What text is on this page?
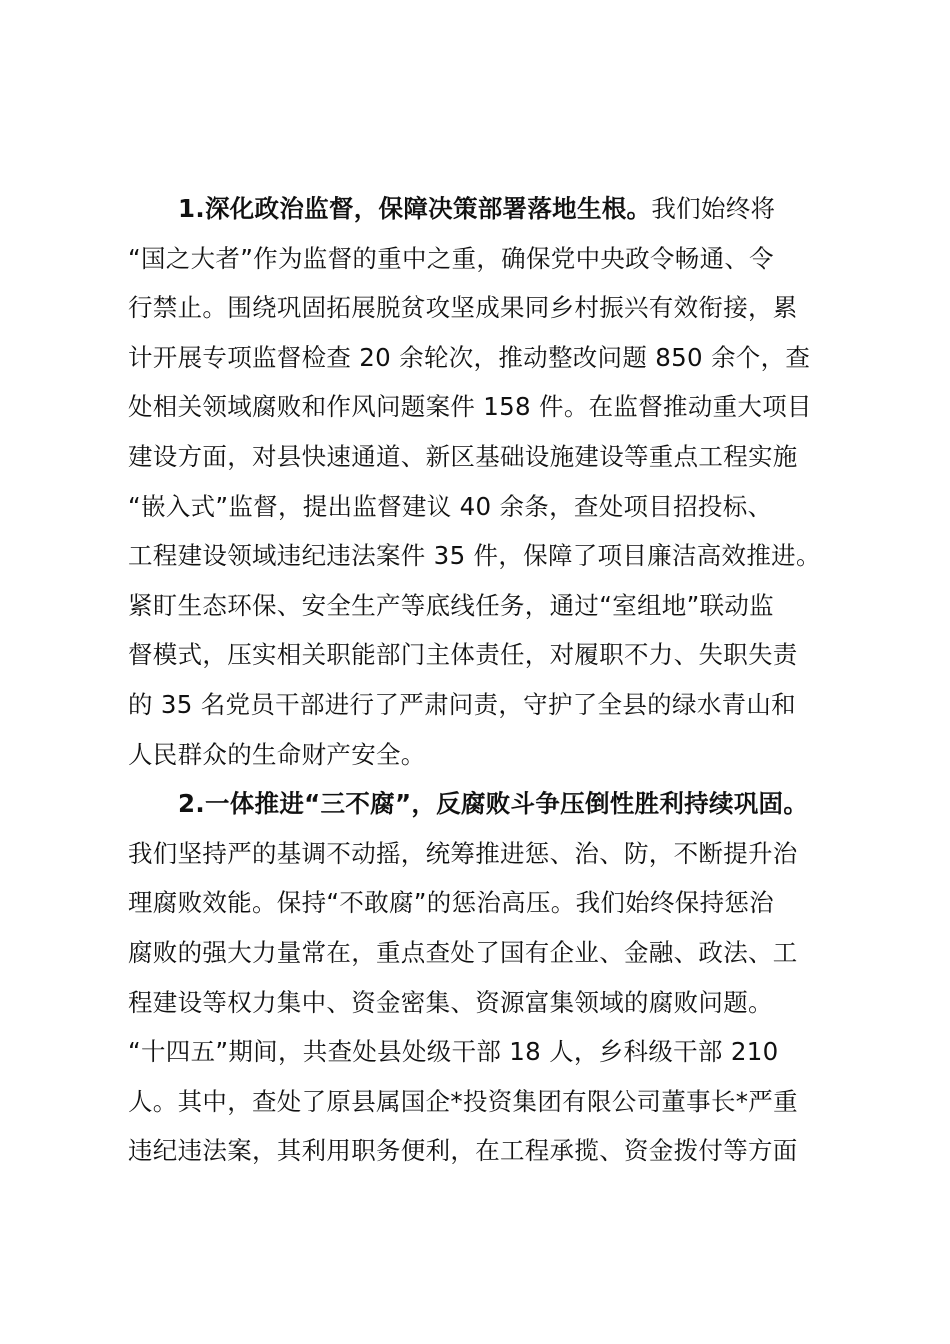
1.深化政治监督，保障决策部署落地生根。我们始终将
“国之大者”作为监督的重中之重，确保党中央政令畅通、令
行禁止。围绕巩固拓展脱贫攻坚成果同乡村振兴有效衔接，累
计开展专项监督检查 20 余轮次，推动整改问题 850 余个，查
处相关领域腐败和作风问题案件 158 件。在监督推动重大项目
建设方面，对县快速通道、新区基础设施建设等重点工程实施
“嵌入式”监督，提出监督建议 40 余条，查处项目招投标、
工程建设领域违纪违法案件 35 件，保障了项目廉洁高效推进。
紧盯生态环保、安全生产等底线任务，通过“室组地”联动监
督模式，压实相关职能部门主体责任，对履职不力、失职失责
的 35 名党员干部进行了严肃问责，守护了全县的绿水青山和
人民群众的生命财产安全。
2.一体推进“三不腐”，反腐败斗争压倒性胜利持续巩固。
我们坚持严的基调不动摇，统筹推进惩、治、防，不断提升治
理腐败效能。保持“不敢腐”的惩治高压。我们始终保持惩治
腐败的强大力量常在，重点查处了国有企业、金融、政法、工
程建设等权力集中、资金密集、资源富集领域的腐败问题。
“十四五”期间，共查处县处级干部 18 人，乡科级干部 210
人。其中，查处了原县属国企*投资集团有限公司董事长*严重
违纪违法案，其利用职务便利，在工程承揽、资金拨付等方面
